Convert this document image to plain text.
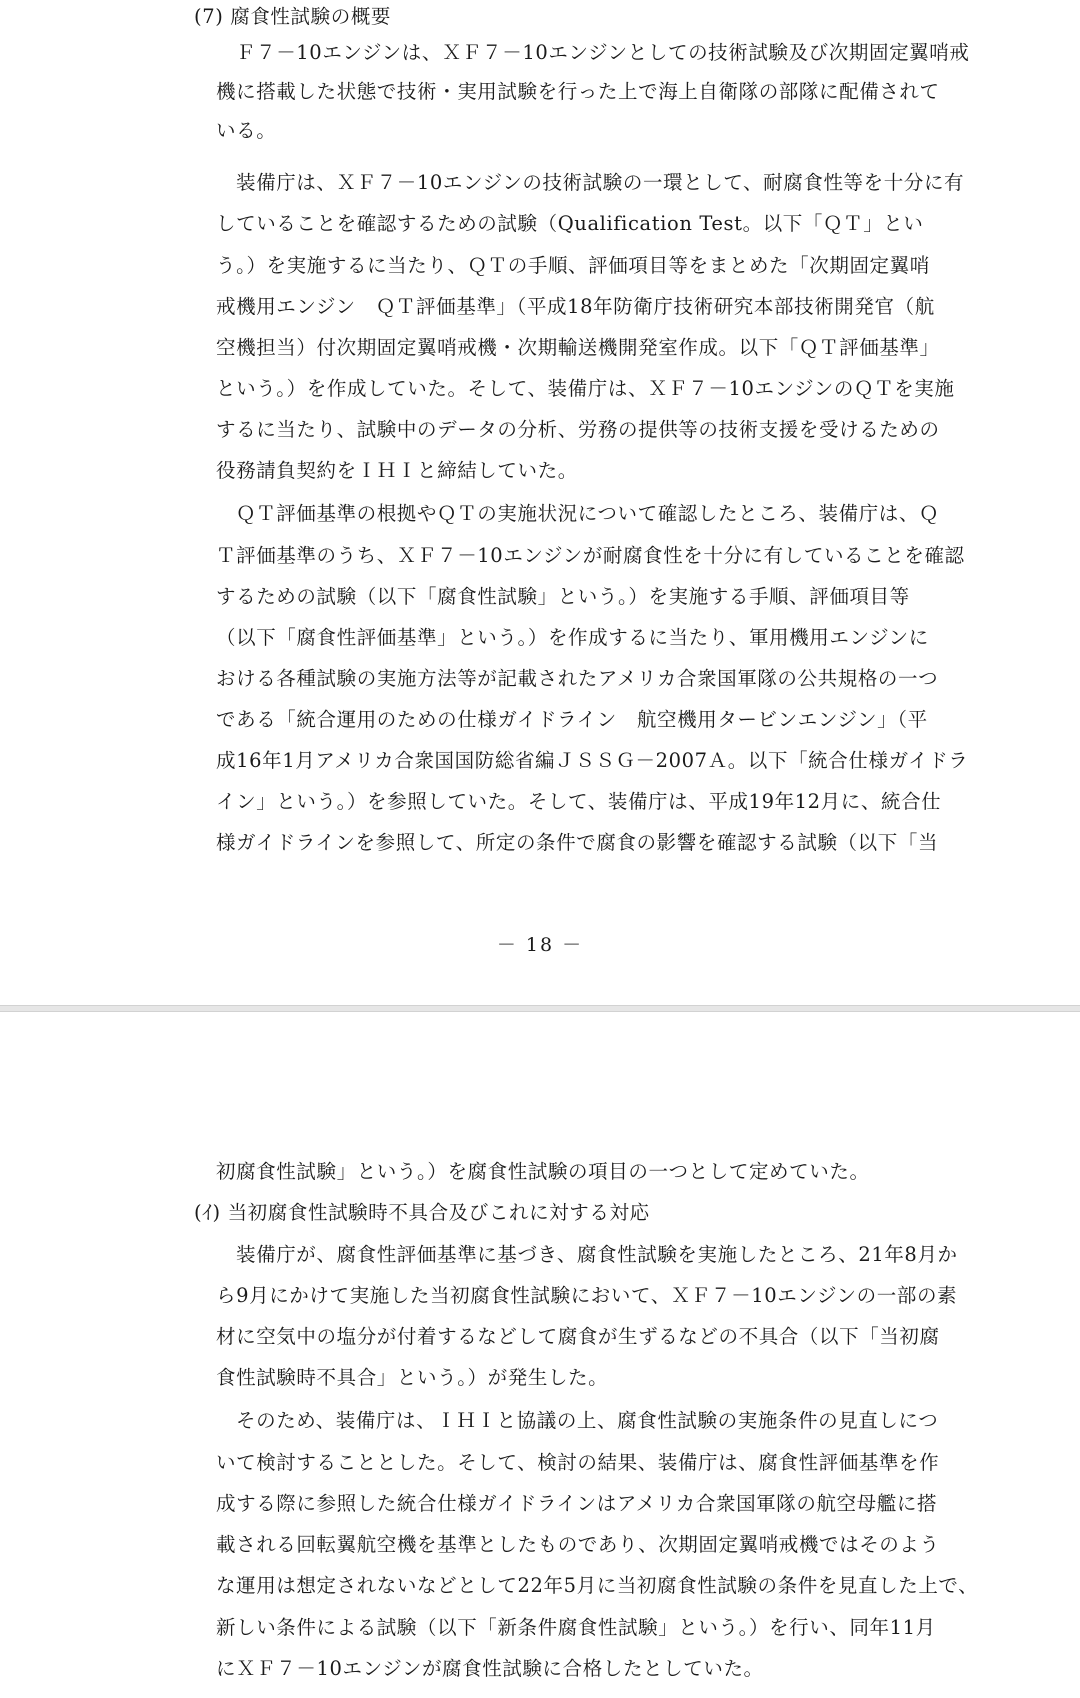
(7) 腐食性試験の概要
Ｆ７－10エンジンは、ＸＦ７－10エンジンとしての技術試験及び次期固定翼哨戒
機に搭載した状態で技術・実用試験を行った上で海上自衛隊の部隊に配備されて
いる。
装備庁は、ＸＦ７－10エンジンの技術試験の一環として、耐腐食性等を十分に有
していることを確認するための試験（Qualification Test。以下「ＱＴ」とい
う。）を実施するに当たり、ＱＴの手順、評価項目等をまとめた「次期固定翼哨
戒機用エンジン　ＱＴ評価基準」（平成18年防衛庁技術研究本部技術開発官（航
空機担当）付次期固定翼哨戒機・次期輸送機開発室作成。以下「ＱＴ評価基準」
という。）を作成していた。そして、装備庁は、ＸＦ７－10エンジンのＱＴを実施
するに当たり、試験中のデータの分析、労務の提供等の技術支援を受けるための
役務請負契約をＩＨＩと締結していた。
ＱＴ評価基準の根拠やＱＴの実施状況について確認したところ、装備庁は、Ｑ
Ｔ評価基準のうち、ＸＦ７－10エンジンが耐腐食性を十分に有していることを確認
するための試験（以下「腐食性試験」という。）を実施する手順、評価項目等
（以下「腐食性評価基準」という。）を作成するに当たり、軍用機用エンジンに
おける各種試験の実施方法等が記載されたアメリカ合衆国軍隊の公共規格の一つ
である「統合運用のための仕様ガイドライン　航空機用タービンエンジン」（平
成16年1月アメリカ合衆国国防総省編ＪＳＳＧ－2007Ａ。以下「統合仕様ガイドラ
イン」という。）を参照していた。そして、装備庁は、平成19年12月に、統合仕
様ガイドラインを参照して、所定の条件で腐食の影響を確認する試験（以下「当
－ 18 －
初腐食性試験」という。）を腐食性試験の項目の一つとして定めていた。
(ｲ) 当初腐食性試験時不具合及びこれに対する対応
装備庁が、腐食性評価基準に基づき、腐食性試験を実施したところ、21年8月か
ら9月にかけて実施した当初腐食性試験において、ＸＦ７－10エンジンの一部の素
材に空気中の塩分が付着するなどして腐食が生ずるなどの不具合（以下「当初腐
食性試験時不具合」という。）が発生した。
そのため、装備庁は、ＩＨＩと協議の上、腐食性試験の実施条件の見直しにつ
いて検討することとした。そして、検討の結果、装備庁は、腐食性評価基準を作
成する際に参照した統合仕様ガイドラインはアメリカ合衆国軍隊の航空母艦に搭
載される回転翼航空機を基準としたものであり、次期固定翼哨戒機ではそのよう
な運用は想定されないなどとして22年5月に当初腐食性試験の条件を見直した上で、
新しい条件による試験（以下「新条件腐食性試験」という。）を行い、同年11月
にＸＦ７－10エンジンが腐食性試験に合格したとしていた。
